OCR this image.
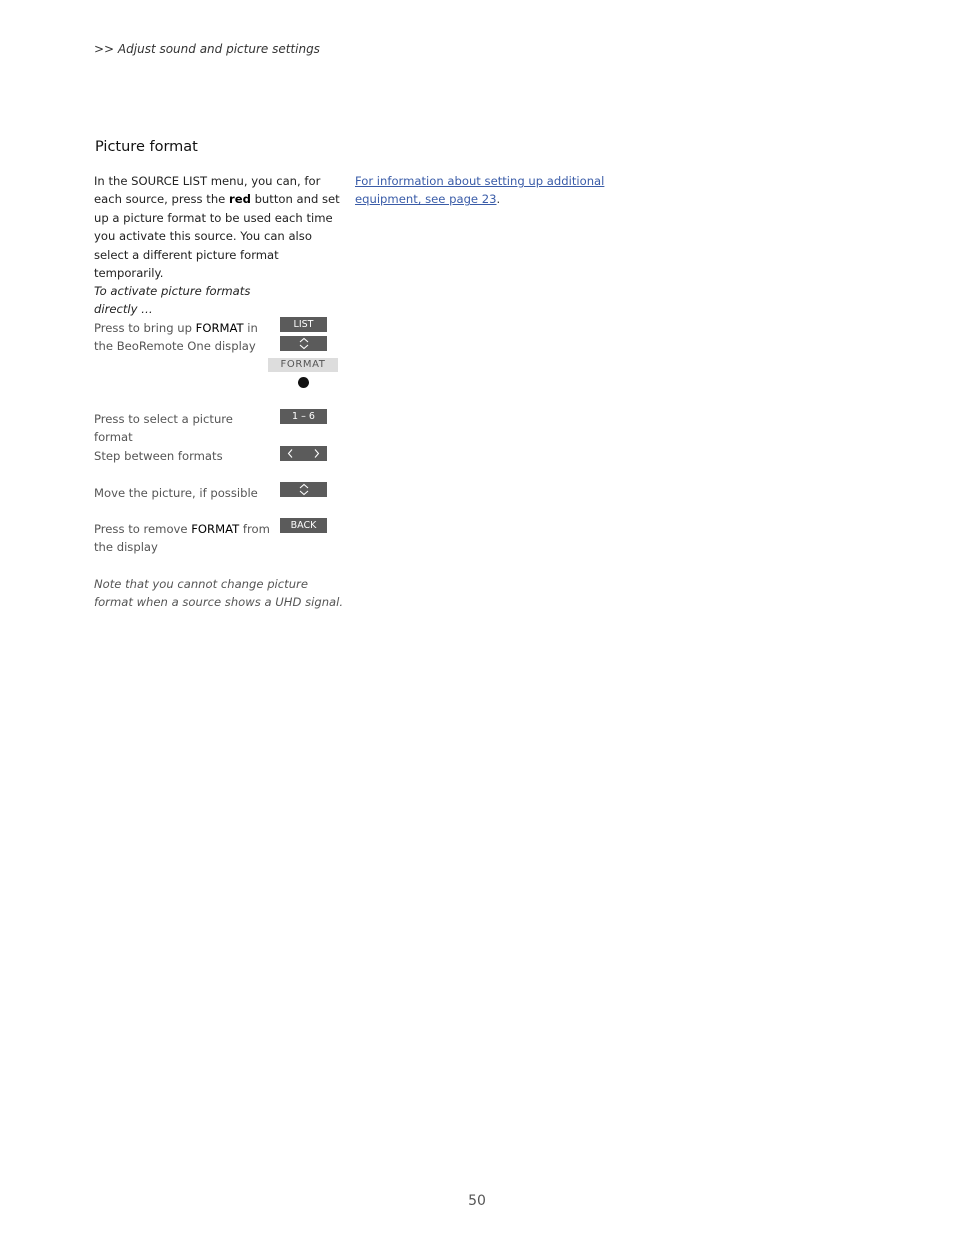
>> Adjust sound and picture settings
Picture format

In the SOURCE LIST menu, you can, for each source, press the red button and set up a picture format to be used each time you activate this source. You can also select a different picture format temporarily.

For information about setting up additional equipment, see page 23.

To activate picture formats directly …

Press to bring up FORMAT in the BeoRemote One display

LIST
FORMAT

Press to select a picture format

1 – 6

Step between formats

Move the picture, if possible

Press to remove FORMAT from the display

BACK

Note that you cannot change picture format when a source shows a UHD signal.

50
